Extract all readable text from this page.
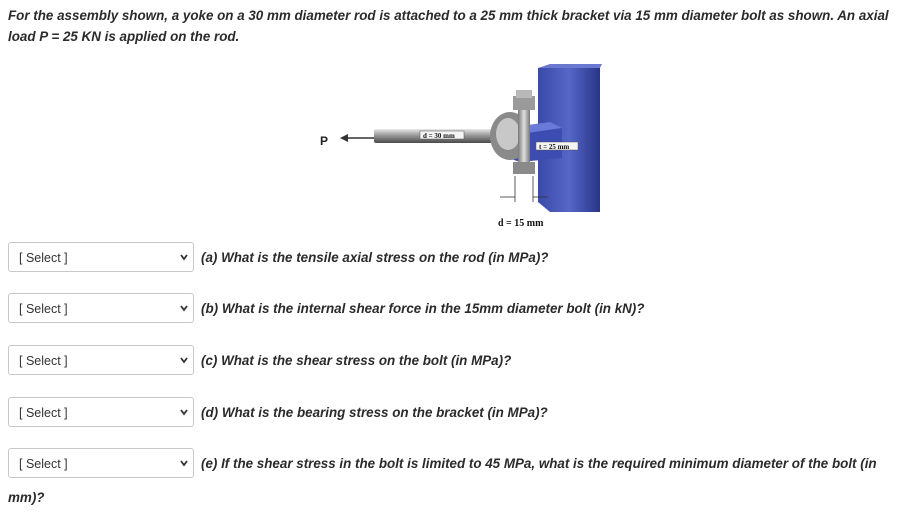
For the assembly shown, a yoke on a 30 mm diameter rod is attached to a 25 mm thick bracket via 15 mm diameter bolt as shown. An axial load P = 25 KN is applied on the rod.
P	d = 30 mm
t = 25 mm
d = 15 mm
[ Select ]	(a) What is the tensile axial stress on the rod (in MPa)?
[ Select ]	(b) What is the internal shear force in the 15mm diameter bolt (in kN)?
[ Select ]	(c) What is the shear stress on the bolt (in MPa)?
[ Select ]	(d) What is the bearing stress on the bracket (in MPa)?
[ Select ]	(e) If the shear stress in the bolt is limited to 45 MPa, what is the required minimum diameter of the bolt (in
mm)?
